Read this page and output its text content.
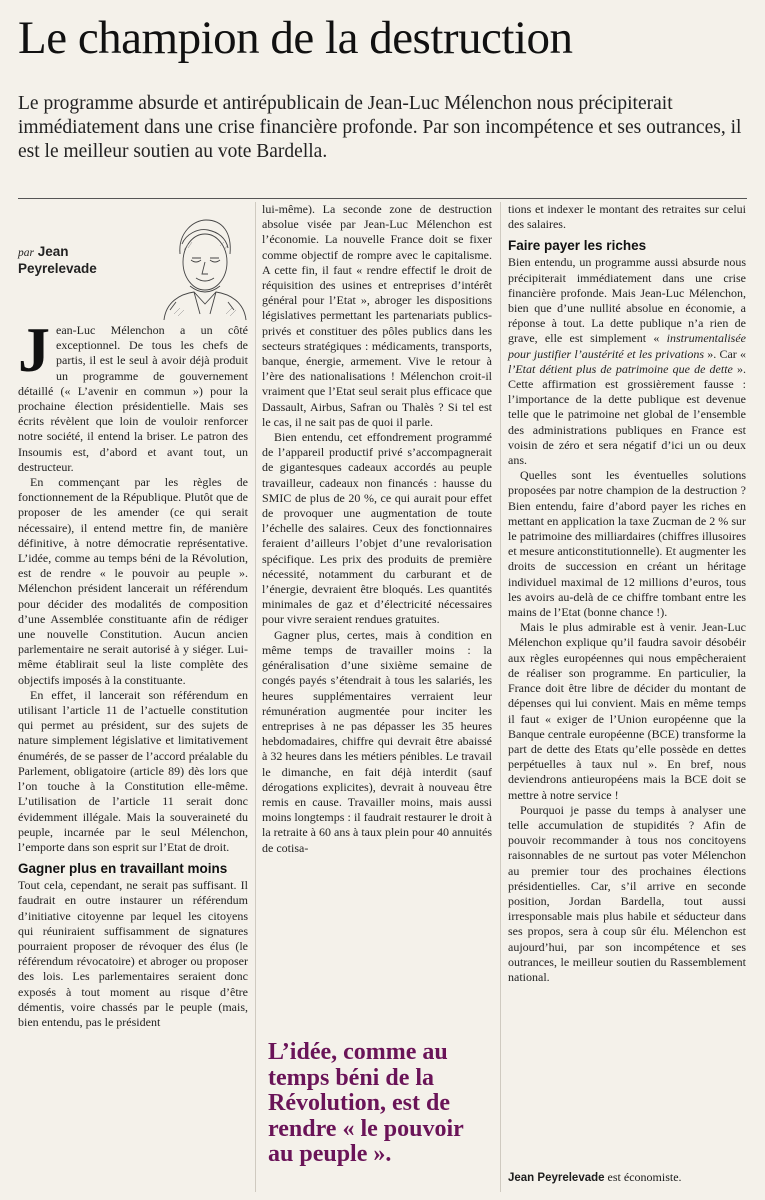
Le champion de la destruction

Le programme absurde et antirépublicain de Jean-Luc Mélenchon nous précipiterait immédiatement dans une crise financière profonde. Par son incompétence et ses outrances, il est le meilleur soutien au vote Bardella.

par Jean
Peyrelevade

Jean-Luc Mélenchon a un côté exceptionnel. De tous les chefs de partis, il est le seul à avoir déjà produit un programme de gouvernement détaillé (« L’avenir en commun ») pour la prochaine élection présidentielle. Mais ses écrits révèlent que loin de vouloir renforcer notre société, il entend la briser. Le patron des Insoumis est, d’abord et avant tout, un destructeur.

En commençant par les règles de fonctionnement de la République. Plutôt que de proposer de les amender (ce qui serait nécessaire), il entend mettre fin, de manière définitive, à notre démocratie représentative. L’idée, comme au temps béni de la Révolution, est de rendre « le pouvoir au peuple ». Mélenchon président lancerait un référendum pour décider des modalités de composition d’une Assemblée constituante afin de rédiger une nouvelle Constitution. Aucun ancien parlementaire ne serait autorisé à y siéger. Lui-même établirait seul la liste complète des objectifs imposés à la constituante.

En effet, il lancerait son référendum en utilisant l’article 11 de l’actuelle constitution qui permet au président, sur des sujets de nature simplement législative et limitativement énumérés, de se passer de l’accord préalable du Parlement, obligatoire (article 89) dès lors que l’on touche à la Constitution elle-même. L’utilisation de l’article 11 serait donc évidemment illégale. Mais la souveraineté du peuple, incarnée par le seul Mélenchon, l’emporte dans son esprit sur l’Etat de droit.

Gagner plus en travaillant moins

Tout cela, cependant, ne serait pas suffisant. Il faudrait en outre instaurer un référendum d’initiative citoyenne par lequel les citoyens qui réuniraient suffisamment de signatures pourraient proposer de révoquer des élus (le référendum révocatoire) et abroger ou proposer des lois. Les parlementaires seraient donc exposés à tout moment au risque d’être démentis, voire chassés par le peuple (mais, bien entendu, pas le président

lui-même). La seconde zone de destruction absolue visée par Jean-Luc Mélenchon est l’économie. La nouvelle France doit se fixer comme objectif de rompre avec le capitalisme. A cette fin, il faut « rendre effectif le droit de réquisition des usines et entreprises d’intérêt général pour l’Etat », abroger les dispositions législatives permettant les partenariats publics-privés et constituer des pôles publics dans les secteurs stratégiques : médicaments, transports, banque, énergie, armement. Vive le retour à l’ère des nationalisations ! Mélenchon croit-il vraiment que l’Etat seul serait plus efficace que Dassault, Airbus, Safran ou Thalès ? Si tel est le cas, il ne sait pas de quoi il parle.

Bien entendu, cet effondrement programmé de l’appareil productif privé s’accompagnerait de gigantesques cadeaux accordés au peuple travailleur, cadeaux non financés : hausse du SMIC de plus de 20 %, ce qui aurait pour effet de provoquer une augmentation de toute l’échelle des salaires. Ceux des fonctionnaires feraient d’ailleurs l’objet d’une revalorisation spécifique. Les prix des produits de première nécessité, notamment du carburant et de l’énergie, devraient être bloqués. Les quantités minimales de gaz et d’électricité nécessaires pour vivre seraient rendues gratuites.

Gagner plus, certes, mais à condition en même temps de travailler moins : la généralisation d’une sixième semaine de congés payés s’étendrait à tous les salariés, les heures supplémentaires verraient leur rémunération augmentée pour inciter les entreprises à ne pas dépasser les 35 heures hebdomadaires, chiffre qui devrait être abaissé à 32 heures dans les métiers pénibles. Le travail le dimanche, en fait déjà interdit (sauf dérogations explicites), devrait à nouveau être remis en cause. Travailler moins, mais aussi moins longtemps : il faudrait restaurer le droit à la retraite à 60 ans à taux plein pour 40 annuités de cotisa-

L’idée, comme au temps béni de la Révolution, est de rendre « le pouvoir au peuple ».

tions et indexer le montant des retraites sur celui des salaires.

Faire payer les riches

Bien entendu, un programme aussi absurde nous précipiterait immédiatement dans une crise financière profonde. Mais Jean-Luc Mélenchon, bien que d’une nullité absolue en économie, a réponse à tout. La dette publique n’a rien de grave, elle est simplement « instrumentalisée pour justifier l’austérité et les privations ». Car « l’Etat détient plus de patrimoine que de dette ». Cette affirmation est grossièrement fausse : l’importance de la dette publique est devenue telle que le patrimoine net global de l’ensemble des administrations publiques en France est voisin de zéro et sera négatif d’ici un ou deux ans.

Quelles sont les éventuelles solutions proposées par notre champion de la destruction ? Bien entendu, faire d’abord payer les riches en mettant en application la taxe Zucman de 2 % sur le patrimoine des milliardaires (chiffres illusoires et mesure anticonstitutionnelle). Et augmenter les droits de succession en créant un héritage individuel maximal de 12 millions d’euros, tous les avoirs au-delà de ce chiffre tombant entre les mains de l’Etat (bonne chance !).

Mais le plus admirable est à venir. Jean-Luc Mélenchon explique qu’il faudra savoir désobéir aux règles européennes qui nous empêcheraient de réaliser son programme. En particulier, la France doit être libre de décider du montant de dépenses qui lui convient. Mais en même temps il faut « exiger de l’Union européenne que la Banque centrale européenne (BCE) transforme la part de dette des Etats qu’elle possède en dettes perpétuelles à taux nul ». En bref, nous deviendrons antieuropéens mais la BCE doit se mettre à notre service !

Pourquoi je passe du temps à analyser une telle accumulation de stupidités ? Afin de pouvoir recommander à tous nos concitoyens raisonnables de ne surtout pas voter Mélenchon au premier tour des prochaines élections présidentielles. Car, s’il arrive en seconde position, Jordan Bardella, tout aussi irresponsable mais plus habile et séducteur dans ses propos, sera à coup sûr élu. Mélenchon est aujourd’hui, par son incompétence et ses outrances, le meilleur soutien du Rassemblement national.

Jean Peyrelevade est économiste.
